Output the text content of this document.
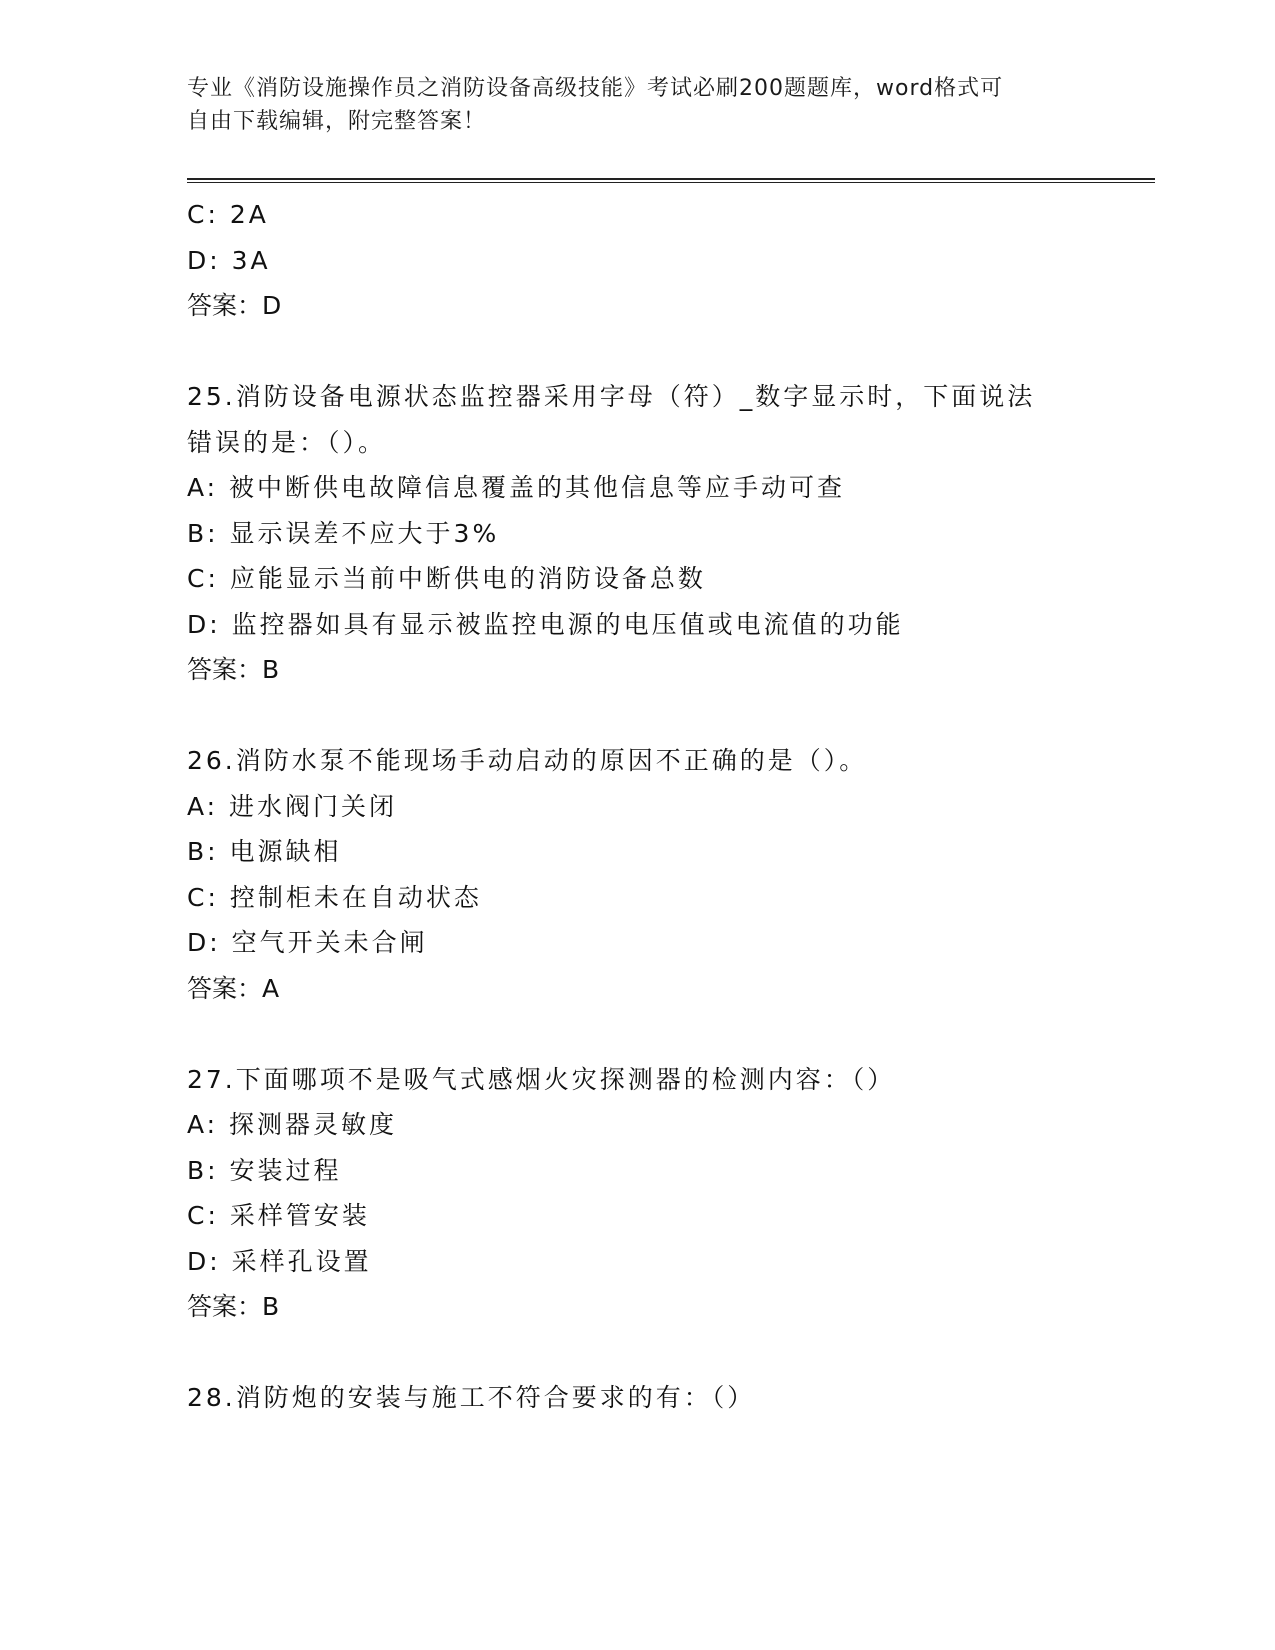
专业《消防设施操作员之消防设备高级技能》考试必刷200题题库，word格式可
自由下载编辑，附完整答案！
C: 2A
D: 3A
答案：D
25.消防设备电源状态监控器采用字母（符）_数字显示时，下面说法
错误的是：（）。
A: 被中断供电故障信息覆盖的其他信息等应手动可查
B: 显示误差不应大于3%
C: 应能显示当前中断供电的消防设备总数
D: 监控器如具有显示被监控电源的电压值或电流值的功能
答案：B
26.消防水泵不能现场手动启动的原因不正确的是（）。
A: 进水阀门关闭
B: 电源缺相
C: 控制柜未在自动状态
D: 空气开关未合闸
答案：A
27.下面哪项不是吸气式感烟火灾探测器的检测内容：（）
A: 探测器灵敏度
B: 安装过程
C: 采样管安装
D: 采样孔设置
答案：B
28.消防炮的安装与施工不符合要求的有：（）
